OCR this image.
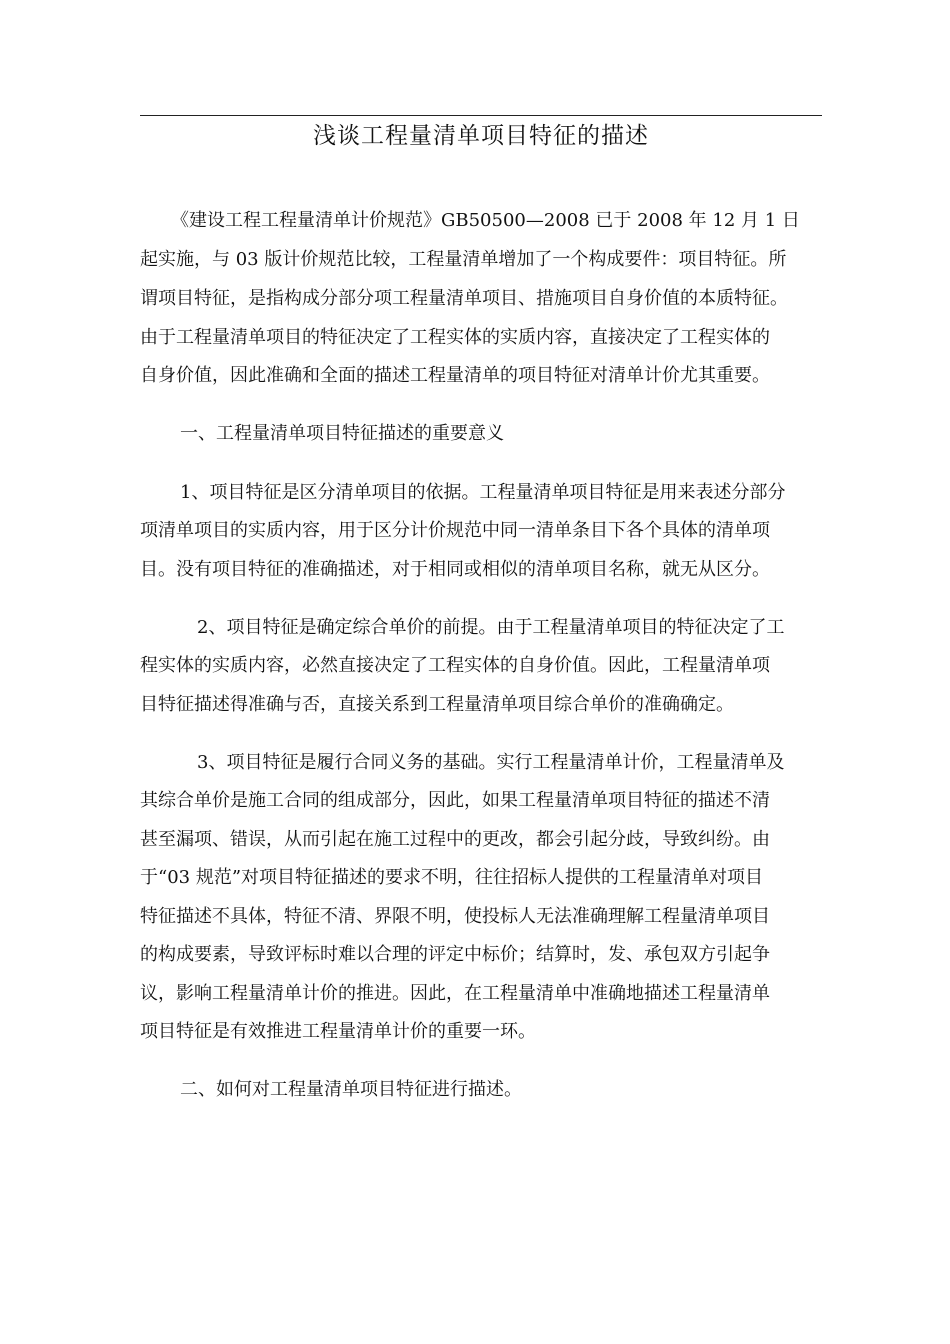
浅谈工程量清单项目特征的描述
《建设工程工程量清单计价规范》GB50500—2008 已于 2008 年 12 月 1 日
起实施，与 03 版计价规范比较，工程量清单增加了一个构成要件：项目特征。所
谓项目特征，是指构成分部分项工程量清单项目、措施项目自身价值的本质特征。
由于工程量清单项目的特征决定了工程实体的实质内容，直接决定了工程实体的
自身价值，因此准确和全面的描述工程量清单的项目特征对清单计价尤其重要。
一、工程量清单项目特征描述的重要意义
1、项目特征是区分清单项目的依据。工程量清单项目特征是用来表述分部分
项清单项目的实质内容，用于区分计价规范中同一清单条目下各个具体的清单项
目。没有项目特征的准确描述，对于相同或相似的清单项目名称，就无从区分。
2、项目特征是确定综合单价的前提。由于工程量清单项目的特征决定了工
程实体的实质内容，必然直接决定了工程实体的自身价值。因此，工程量清单项
目特征描述得准确与否，直接关系到工程量清单项目综合单价的准确确定。
3、项目特征是履行合同义务的基础。实行工程量清单计价，工程量清单及
其综合单价是施工合同的组成部分，因此，如果工程量清单项目特征的描述不清
甚至漏项、错误，从而引起在施工过程中的更改，都会引起分歧，导致纠纷。由
于“03 规范”对项目特征描述的要求不明，往往招标人提供的工程量清单对项目
特征描述不具体，特征不清、界限不明，使投标人无法准确理解工程量清单项目
的构成要素，导致评标时难以合理的评定中标价；结算时，发、承包双方引起争
议，影响工程量清单计价的推进。因此，在工程量清单中准确地描述工程量清单
项目特征是有效推进工程量清单计价的重要一环。
二、如何对工程量清单项目特征进行描述。
